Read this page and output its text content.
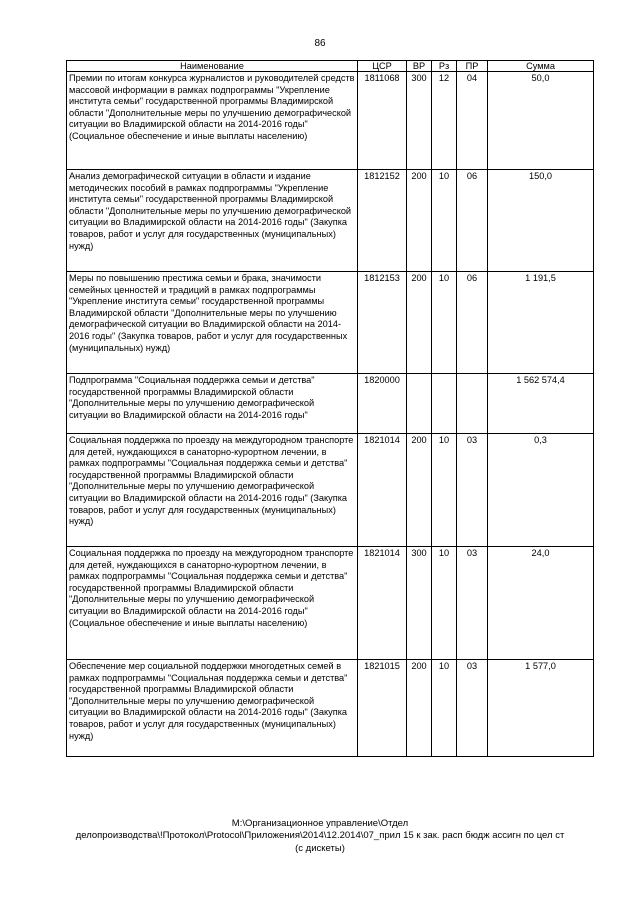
86
Наименование	ЦСР	ВР	Рз	ПР	Сумма
Премии по итогам конкурса журналистов и руководителей средств массовой информации в рамках подпрограммы "Укрепление института семьи" государственной программы Владимирской области "Дополнительные меры по улучшению демографической ситуации во Владимирской области на 2014-2016 годы" (Социальное обеспечение и иные выплаты населению)	1811068	300	12	04	50,0
Анализ демографической ситуации в области и издание методических пособий в рамках подпрограммы "Укрепление института семьи" государственной программы Владимирской области "Дополнительные меры по улучшению демографической ситуации во Владимирской области на 2014-2016 годы" (Закупка товаров, работ и услуг для государственных (муниципальных) нужд)	1812152	200	10	06	150,0
Меры по повышению престижа семьи и брака, значимости семейных ценностей и традиций в рамках подпрограммы "Укрепление института семьи" государственной программы Владимирской области "Дополнительные меры по улучшению демографической ситуации во Владимирской области на 2014-2016 годы" (Закупка товаров, работ и услуг для государственных (муниципальных) нужд)	1812153	200	10	06	1 191,5
Подпрограмма "Социальная поддержка семьи и детства" государственной программы Владимирской области "Дополнительные меры по улучшению демографической ситуации во Владимирской области на 2014-2016 годы"	1820000				1 562 574,4
Социальная поддержка по проезду на междугородном транспорте для детей, нуждающихся в санаторно-курортном лечении, в рамках подпрограммы "Социальная поддержка семьи и детства" государственной программы Владимирской области "Дополнительные меры по улучшению демографической ситуации во Владимирской области на 2014-2016 годы" (Закупка товаров, работ и услуг для государственных (муниципальных) нужд)	1821014	200	10	03	0,3
Социальная поддержка по проезду на междугородном транспорте для детей, нуждающихся в санаторно-курортном лечении, в рамках подпрограммы "Социальная поддержка семьи и детства" государственной программы Владимирской области "Дополнительные меры по улучшению демографической ситуации во Владимирской области на 2014-2016 годы" (Социальное обеспечение и иные выплаты населению)	1821014	300	10	03	24,0
Обеспечение мер социальной поддержки многодетных семей в рамках подпрограммы "Социальная поддержка семьи и детства" государственной программы Владимирской области "Дополнительные меры по улучшению демографической ситуации во Владимирской области на 2014-2016 годы" (Закупка товаров, работ и услуг для государственных (муниципальных) нужд)	1821015	200	10	03	1 577,0
M:\Организационное управление\Отдел
делопроизводства\!Протокол\Protocol\Приложения\2014\12.2014\07_прил 15 к зак. расп бюдж ассигн по цел ст
(с дискеты)
